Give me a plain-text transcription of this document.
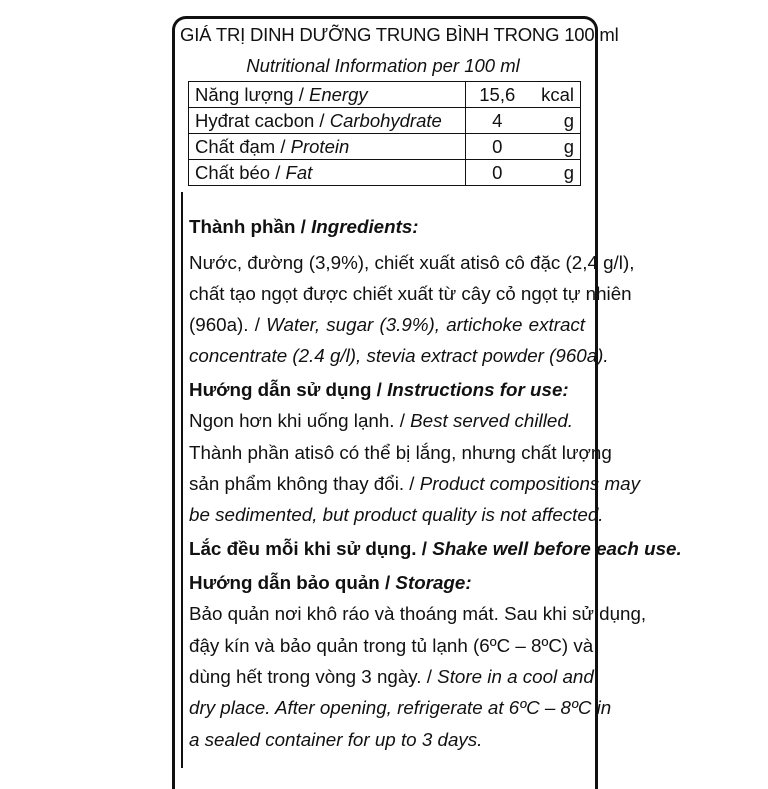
GIÁ TRỊ DINH DƯỠNG TRUNG BÌNH TRONG 100 ml
Nutritional Information per 100 ml
Năng lượng / Energy	15,6	kcal
Hyđrat cacbon / Carbohydrate	4	g
Chất đạm / Protein	0	g
Chất béo / Fat	0	g
Thành phần / Ingredients:
Nước, đường (3,9%), chiết xuất atisô cô đặc (2,4 g/l),
chất tạo ngọt được chiết xuất từ cây cỏ ngọt tự nhiên
(960a). / Water, sugar (3.9%), artichoke extract
concentrate (2.4 g/l), stevia extract powder (960a).
Hướng dẫn sử dụng / Instructions for use:
Ngon hơn khi uống lạnh. / Best served chilled.
Thành phần atisô có thể bị lắng, nhưng chất lượng
sản phẩm không thay đổi. / Product compositions may
be sedimented, but product quality is not affected.
Lắc đều mỗi khi sử dụng. / Shake well before each use.
Hướng dẫn bảo quản / Storage:
Bảo quản nơi khô ráo và thoáng mát. Sau khi sử dụng,
đậy kín và bảo quản trong tủ lạnh (6ºC – 8ºC) và
dùng hết trong vòng 3 ngày. / Store in a cool and
dry place. After opening, refrigerate at 6ºC – 8ºC in
a sealed container for up to 3 days.
